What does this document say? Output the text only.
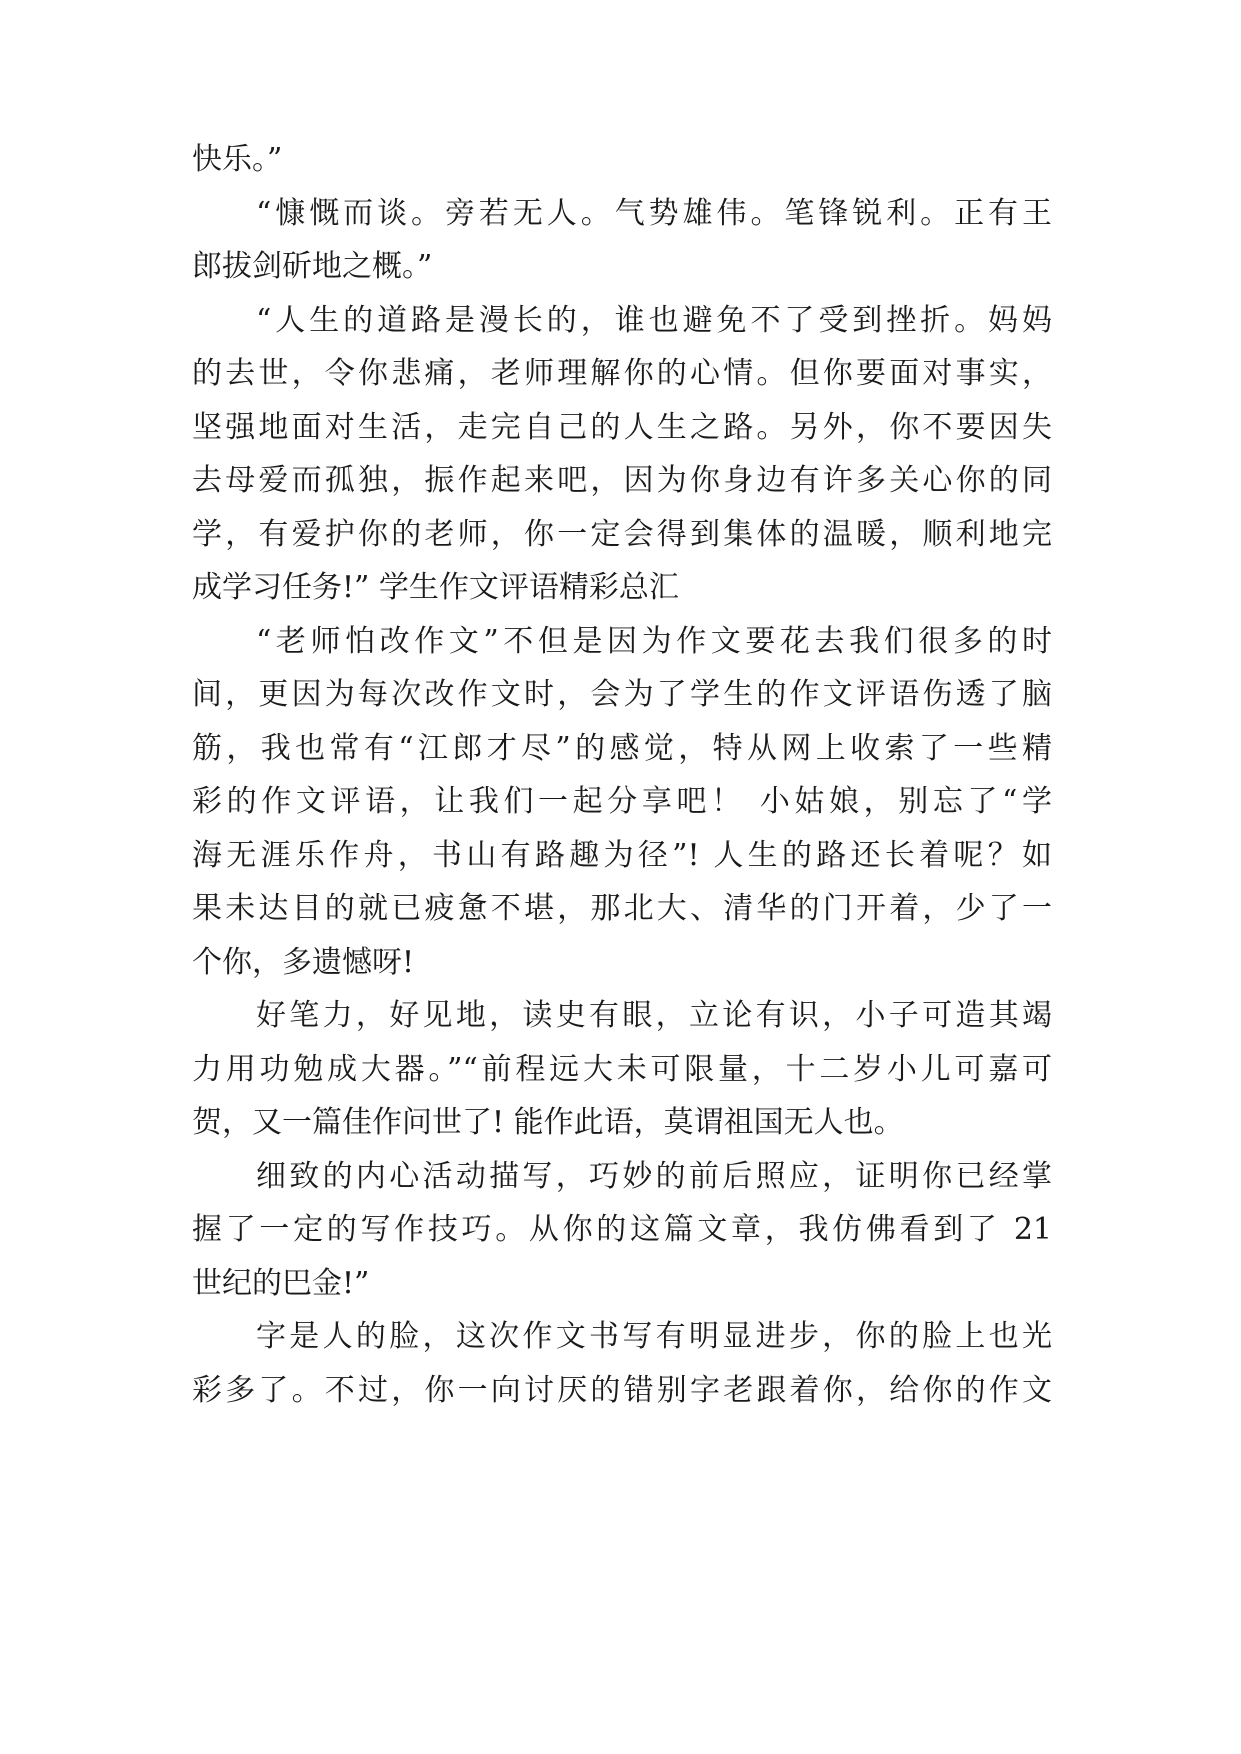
快乐。”
“慷慨而谈。旁若无人。气势雄伟。笔锋锐利。正有王
郎拔剑斫地之概。”
“人生的道路是漫长的，谁也避免不了受到挫折。妈妈
的去世，令你悲痛，老师理解你的心情。但你要面对事实，
坚强地面对生活，走完自己的人生之路。另外，你不要因失
去母爱而孤独，振作起来吧，因为你身边有许多关心你的同
学，有爱护你的老师，你一定会得到集体的温暖，顺利地完
成学习任务!” 学生作文评语精彩总汇
“老师怕改作文”不但是因为作文要花去我们很多的时
间，更因为每次改作文时，会为了学生的作文评语伤透了脑
筋，我也常有“江郎才尽”的感觉，特从网上收索了一些精
彩的作文评语，让我们一起分享吧！ 小姑娘，别忘了“学
海无涯乐作舟，书山有路趣为径”! 人生的路还长着呢？如
果未达目的就已疲惫不堪，那北大、清华的门开着，少了一
个你，多遗憾呀!
好笔力，好见地，读史有眼，立论有识，小子可造其竭
力用功勉成大器。”“前程远大未可限量，十二岁小儿可嘉可
贺，又一篇佳作问世了! 能作此语，莫谓祖国无人也。
细致的内心活动描写，巧妙的前后照应，证明你已经掌
握了一定的写作技巧。从你的这篇文章，我仿佛看到了 21
世纪的巴金!”
字是人的脸，这次作文书写有明显进步，你的脸上也光
彩多了。不过，你一向讨厌的错别字老跟着你，给你的作文
